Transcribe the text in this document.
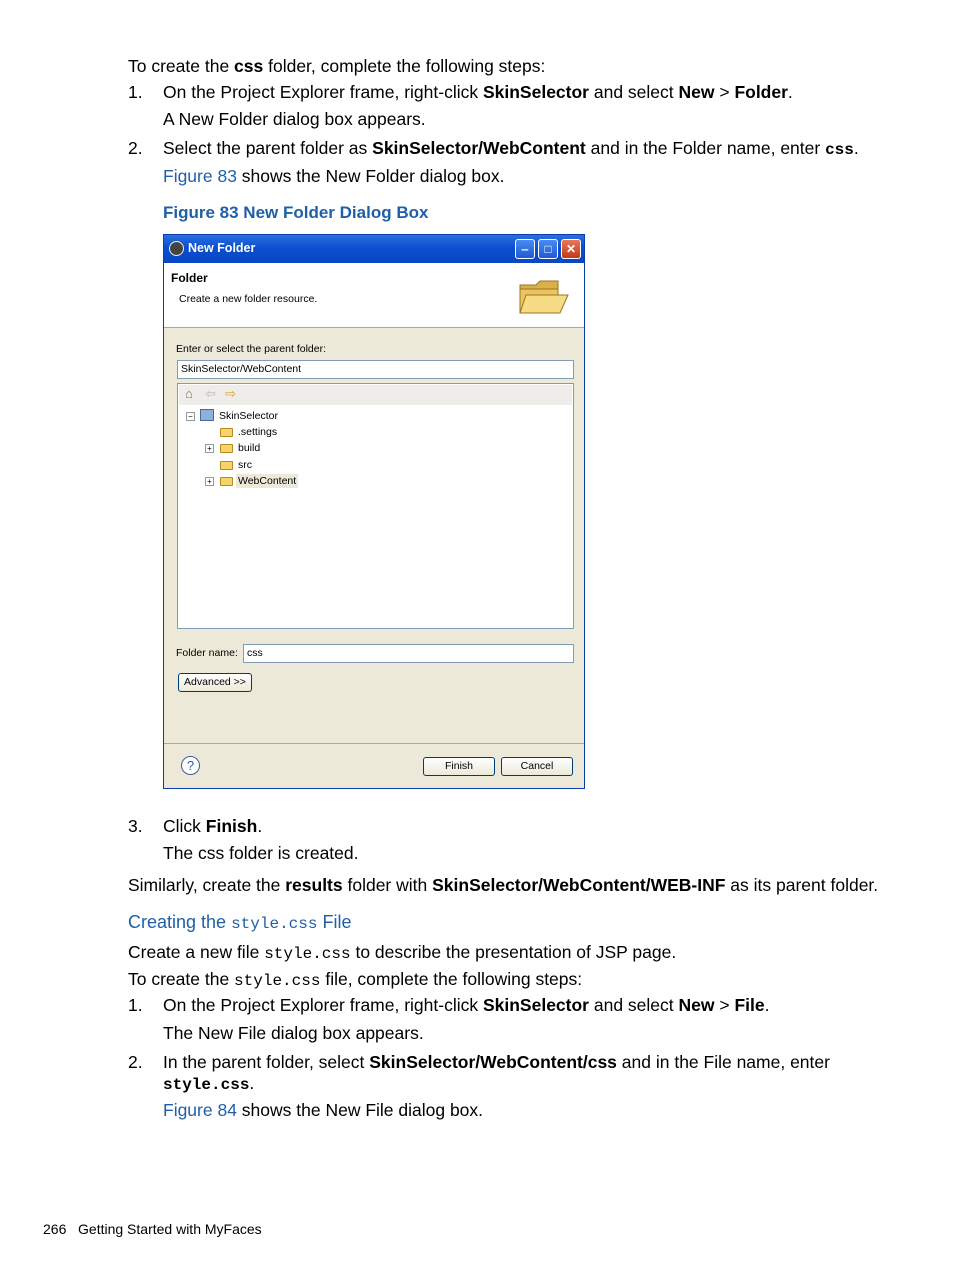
To create the css folder, complete the following steps:
1. On the Project Explorer frame, right-click SkinSelector and select New > Folder.
A New Folder dialog box appears.
2. Select the parent folder as SkinSelector/WebContent and in the Folder name, enter css.
Figure 83 shows the New Folder dialog box.
Figure 83 New Folder Dialog Box
New Folder	‒	□	✕
Folder
Create a new folder resource.
Enter or select the parent folder:
SkinSelector/WebContent
⌂ ⇦ ⇨
− SkinSelector
.settings
+ build
src
+ WebContent
Folder name: css
Advanced >>
?	Finish	Cancel
3. Click Finish.
The css folder is created.
Similarly, create the results folder with SkinSelector/WebContent/WEB-INF as its parent folder.
Creating the style.css File
Create a new file style.css to describe the presentation of JSP page.
To create the style.css file, complete the following steps:
1. On the Project Explorer frame, right-click SkinSelector and select New > File.
The New File dialog box appears.
2. In the parent folder, select SkinSelector/WebContent/css and in the File name, enter
style.css.
Figure 84 shows the New File dialog box.
266 Getting Started with MyFaces
